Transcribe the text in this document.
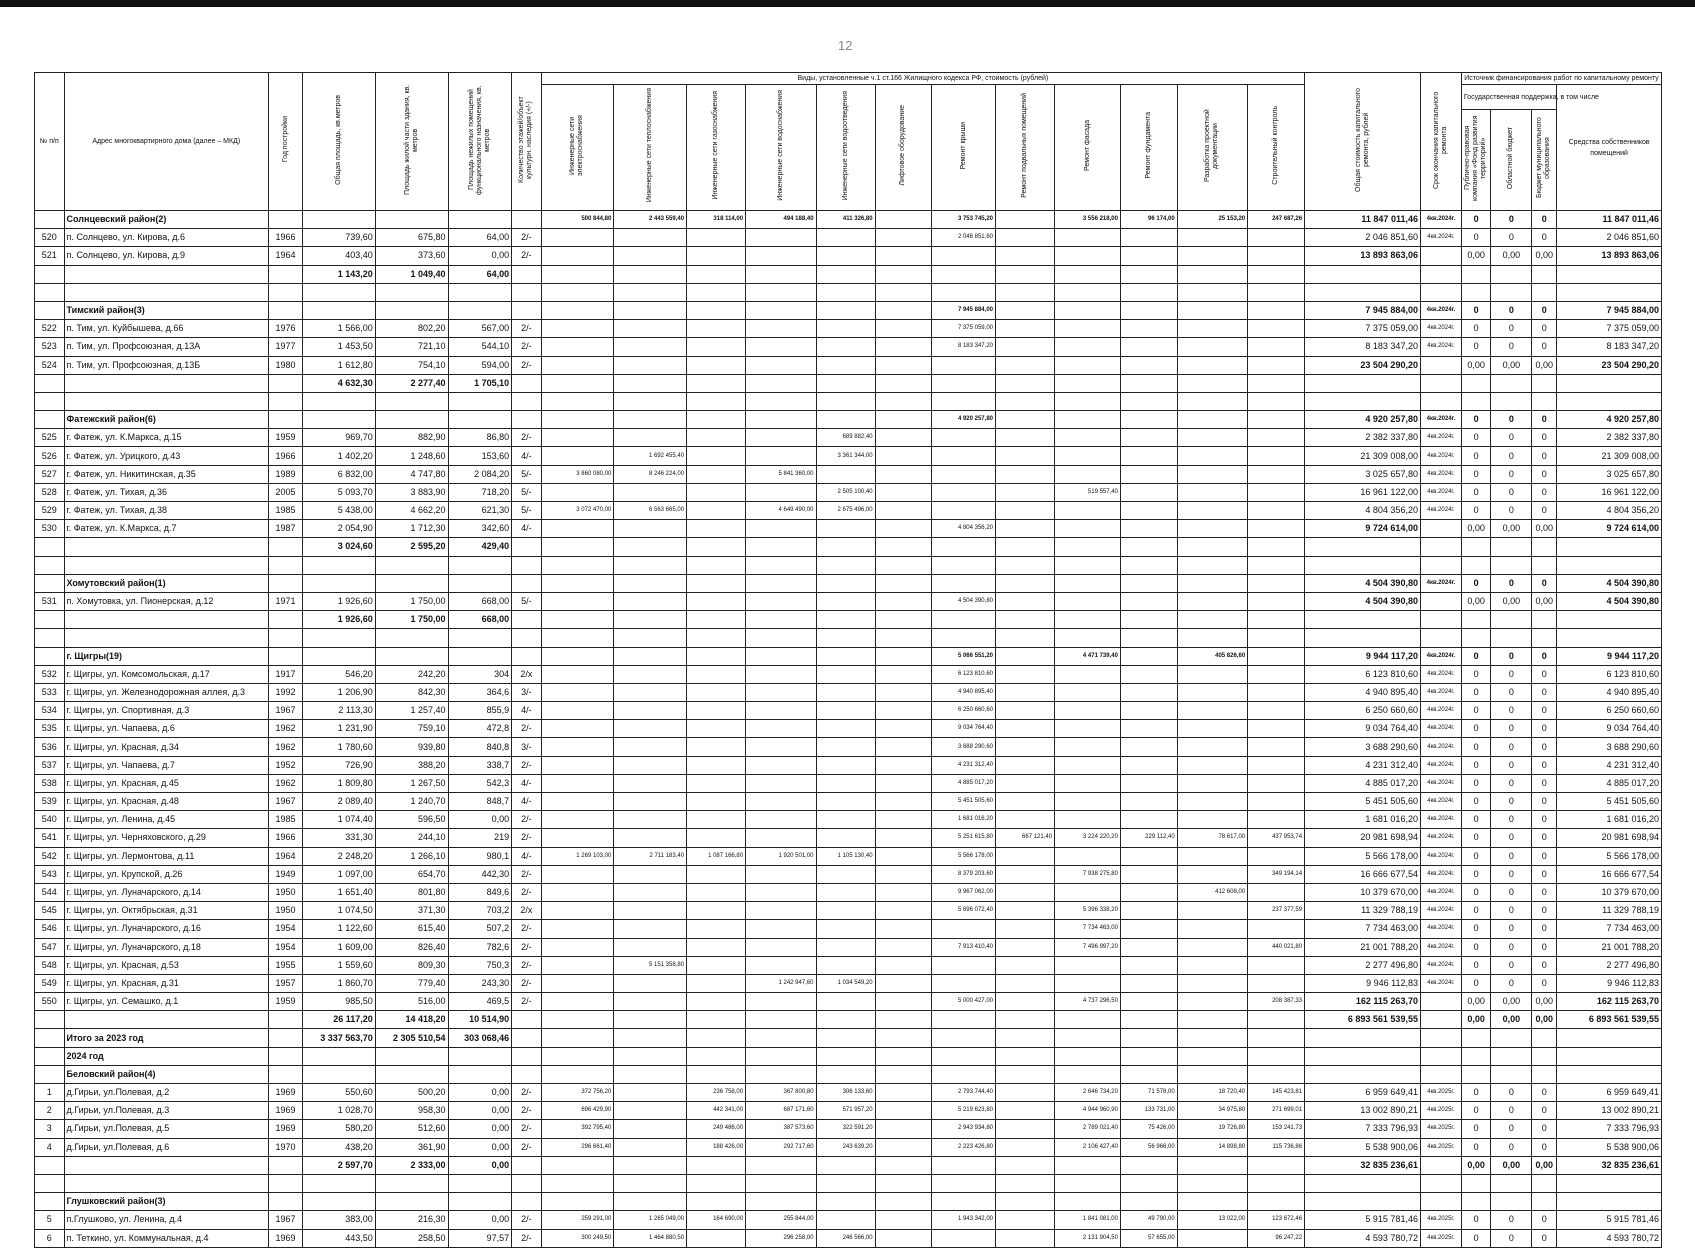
12
№ п/п	Адрес многоквартирного дома (далее – МКД)	Год постройки	Общая площадь, кв.метров	Площадь жилой части здания, кв. метров	Площадь нежилых помещений функционального назначения, кв. метров	Количество этажей/объект культурн. наследия (+/-)	Виды, установленные ч.1 ст.166 Жилищного кодекса РФ, стоимость (рублей)												Общая стоимость капитального ремонта, рублей	Срок окончания капитального ремонта	Источник финансирования работ по капитальному ремонту			
							Инженерные сети электроснабжения	Инженерные сети теплоснабжения	Инженерные сети газоснабжения	Инженерные сети водоснабжения	Инженерные сети водоотведения	Лифтовое оборудование	Ремонт крыши	Ремонт подвальных помещений	Ремонт фасада	Ремонт фундамента	Разработка проектной документации	Строительный контроль			Государственная поддержка, в том числе			Средства собственников помещений
																					Публично-правовая компания «Фонд развития территорий»	Областной бюджет	Бюджет муниципального образования	
	Солнцевский район(2)						500 844,80	2 443 559,40	318 114,00	494 188,40	411 326,80		3 753 745,20		3 556 218,00	96 174,00	25 153,20	247 687,26	11 847 011,46	4кв.2024г.	0	0	0	11 847 011,46
520	п. Солнцево, ул. Кирова, д.6	1966	739,60	675,80	64,00	2/-							2 046 851,60						2 046 851,60	4кв.2024г.	0	0	0	2 046 851,60
521	п. Солнцево, ул. Кирова, д.9	1964	403,40	373,60	0,00	2/-													13 893 863,06		0,00	0,00	0,00	13 893 863,06
			1 143,20	1 049,40	64,00																			

	Тимский район(3)												7 945 884,00						7 945 884,00	4кв.2024г.	0	0	0	7 945 884,00
522	п. Тим, ул. Куйбышева, д.66	1976	1 566,00	802,20	567,00	2/-							7 375 059,00						7 375 059,00	4кв.2024г.	0	0	0	7 375 059,00
523	п. Тим, ул. Профсоюзная, д.13А	1977	1 453,50	721,10	544,10	2/-							8 183 347,20						8 183 347,20	4кв.2024г.	0	0	0	8 183 347,20
524	п. Тим, ул. Профсоюзная, д.13Б	1980	1 612,80	754,10	594,00	2/-													23 504 290,20		0,00	0,00	0,00	23 504 290,20
			4 632,30	2 277,40	1 705,10																			

	Фатежский район(6)												4 920 257,80						4 920 257,80	4кв.2024г.	0	0	0	4 920 257,80
525	г. Фатеж, ул. К.Маркса, д.15	1959	969,70	882,90	86,80	2/-					689 882,40								2 382 337,80	4кв.2024г.	0	0	0	2 382 337,80
526	г. Фатеж, ул. Урицкого, д.43	1966	1 402,20	1 248,60	153,60	4/-		1 692 455,40			3 361 344,00								21 309 008,00	4кв.2024г.	0	0	0	21 309 008,00
527	г. Фатеж, ул. Никитинская, д.35	1989	6 832,00	4 747,80	2 084,20	5/-	3 860 080,00	8 246 224,00		5 841 360,00									3 025 657,80	4кв.2024г.	0	0	0	3 025 657,80
528	г. Фатеж, ул. Тихая, д.36	2005	5 093,70	3 883,90	718,20	5/-					2 505 100,40				519 557,40				16 961 122,00	4кв.2024г.	0	0	0	16 961 122,00
529	г. Фатеж, ул. Тихая, д.38	1985	5 438,00	4 662,20	621,30	5/-	3 072 470,00	6 563 665,00		4 649 490,00	2 675 496,00								4 804 356,20	4кв.2024г.	0	0	0	4 804 356,20
530	г. Фатеж, ул. К.Маркса, д.7	1987	2 054,90	1 712,30	342,60	4/-							4 804 356,20						9 724 614,00		0,00	0,00	0,00	9 724 614,00
			3 024,60	2 595,20	429,40																			

	Хомутовский район(1)																		4 504 390,80	4кв.2024г.	0	0	0	4 504 390,80
531	п. Хомутовка, ул. Пионерская, д.12	1971	1 926,60	1 750,00	668,00	5/-							4 504 390,80						4 504 390,80		0,00	0,00	0,00	4 504 390,80
			1 926,60	1 750,00	668,00																			

	г. Щигры(19)												5 066 551,20		4 471 739,40		405 826,60		9 944 117,20	4кв.2024г.	0	0	0	9 944 117,20
532	г. Щигры, ул. Комсомольская, д.17	1917	546,20	242,20	304	2/х							6 123 810,60						6 123 810,60	4кв.2024г.	0	0	0	6 123 810,60
533	г. Щигры, ул. Железнодорожная аллея, д.3	1992	1 206,90	842,30	364,6	3/-							4 940 895,40						4 940 895,40	4кв.2024г.	0	0	0	4 940 895,40
534	г. Щигры, ул. Спортивная, д.3	1967	2 113,30	1 257,40	855,9	4/-							6 250 660,60						6 250 660,60	4кв.2024г.	0	0	0	6 250 660,60
535	г. Щигры, ул. Чапаева, д.6	1962	1 231,90	759,10	472,8	2/-							9 034 764,40						9 034 764,40	4кв.2024г.	0	0	0	9 034 764,40
536	г. Щигры, ул. Красная, д.34	1962	1 780,60	939,80	840,8	3/-							3 688 290,60						3 688 290,60	4кв.2024г.	0	0	0	3 688 290,60
537	г. Щигры, ул. Чапаева, д.7	1952	726,90	388,20	338,7	2/-							4 231 312,40						4 231 312,40	4кв.2024г.	0	0	0	4 231 312,40
538	г. Щигры, ул. Красная, д.45	1962	1 809,80	1 267,50	542,3	4/-							4 885 017,20						4 885 017,20	4кв.2024г.	0	0	0	4 885 017,20
539	г. Щигры, ул. Красная, д.48	1967	2 089,40	1 240,70	848,7	4/-							5 451 505,60						5 451 505,60	4кв.2024г.	0	0	0	5 451 505,60
540	г. Щигры, ул. Ленина, д.45	1985	1 074,40	596,50	0,00	2/-							1 681 016,20						1 681 016,20	4кв.2024г.	0	0	0	1 681 016,20
541	г. Щигры, ул. Черняховского, д.29	1966	331,30	244,10	219	2/-							5 251 615,80	667 121,40	3 224 220,20	229 112,40	78 617,00	437 953,74	20 981 698,94	4кв.2024г.	0	0	0	20 981 698,94
542	г. Щигры, ул. Лермонтова, д.11	1964	2 248,20	1 266,10	980,1	4/-	1 269 103,00	2 711 183,40	1 087 166,80	1 920 501,00	1 105 130,40		5 566 178,00						5 566 178,00	4кв.2024г.	0	0	0	5 566 178,00
543	г. Щигры, ул. Крупской, д.26	1949	1 097,00	654,70	442,30	2/-							8 379 203,60		7 938 275,80			349 194,14	16 666 677,54	4кв.2024г.	0	0	0	16 666 677,54
544	г. Щигры, ул. Луначарского, д.14	1950	1 651,40	801,80	849,6	2/-							9 967 062,00				412 608,00		10 379 670,00	4кв.2024г.	0	0	0	10 379 670,00
545	г. Щигры, ул. Октябрьская, д.31	1950	1 074,50	371,30	703,2	2/х							5 696 072,40		5 396 338,20			237 377,59	11 329 788,19	4кв.2024г.	0	0	0	11 329 788,19
546	г. Щигры, ул. Луначарского, д.16	1954	1 122,60	615,40	507,2	2/-									7 734 463,00				7 734 463,00	4кв.2024г.	0	0	0	7 734 463,00
547	г. Щигры, ул. Луначарского, д.18	1954	1 609,00	826,40	782,6	2/-							7 913 410,40		7 496 997,20			440 021,80	21 001 788,20	4кв.2024г.	0	0	0	21 001 788,20
548	г. Щигры, ул. Красная, д.53	1955	1 559,60	809,30	750,3	2/-		5 151 358,80											2 277 496,80	4кв.2024г.	0	0	0	2 277 496,80
549	г. Щигры, ул. Красная, д.31	1957	1 860,70	779,40	243,30	2/-				1 242 947,60	1 034 549,20								9 946 112,83	4кв.2024г.	0	0	0	9 946 112,83
550	г. Щигры, ул. Семашко, д.1	1959	985,50	516,00	469,5	2/-							5 000 427,00		4 737 296,50			208 387,33	162 115 263,70		0,00	0,00	0,00	162 115 263,70
			26 117,20	14 418,20	10 514,90														6 893 561 539,55		0,00	0,00	0,00	6 893 561 539,55
	Итого за 2023 год		3 337 563,70	2 305 510,54	303 068,46																			
	2024 год																							
	Беловский район(4)																							
1	д.Гирьи, ул.Полевая, д.2	1969	550,60	500,20	0,00	2/-	372 756,20		236 758,00	367 800,80	306 133,60		2 793 744,40		2 646 734,20	71 578,00	18 720,40	145 423,81	6 959 649,41	4кв.2025г.	0	0	0	6 959 649,41
2	д.Гирьи, ул.Полевая, д.3	1969	1 028,70	958,30	0,00	2/-	696 429,90		442 341,00	687 171,60	571 957,20		5 219 623,80		4 944 960,90	133 731,00	34 975,80	271 699,01	13 002 890,21	4кв.2025г.	0	0	0	13 002 890,21
3	д.Гирьи, ул.Полевая, д.5	1969	580,20	512,60	0,00	2/-	392 795,40		249 486,00	387 573,60	322 591,20		2 943 934,80		2 789 021,40	75 426,00	19 726,80	153 241,73	7 333 796,93	4кв.2025г.	0	0	0	7 333 796,93
4	д.Гирьи, ул.Полевая, д.6	1970	438,20	361,90	0,00	2/-	296 661,40		188 426,00	292 717,60	243 639,20		2 223 426,80		2 106 427,40	56 966,00	14 898,80	115 736,86	5 538 900,06	4кв.2025г.	0	0	0	5 538 900,06
			2 597,70	2 333,00	0,00														32 835 236,61		0,00	0,00	0,00	32 835 236,61

	Глушковский район(3)																							
5	п.Глушково, ул. Ленина, д.4	1967	383,00	216,30	0,00	2/-	259 291,00	1 265 049,00	164 690,00	255 844,00			1 943 342,00		1 841 081,00	49 790,00	13 022,00	123 672,46	5 915 781,46	4кв.2025г.	0	0	0	5 915 781,46
6	п. Теткино, ул. Коммунальная, д.4	1969	443,50	258,50	97,57	2/-	300 249,50	1 464 880,50		296 258,00	246 566,00				2 131 904,50	57 655,00		96 247,22	4 593 780,72	4кв.2025г.	0	0	0	4 593 780,72
